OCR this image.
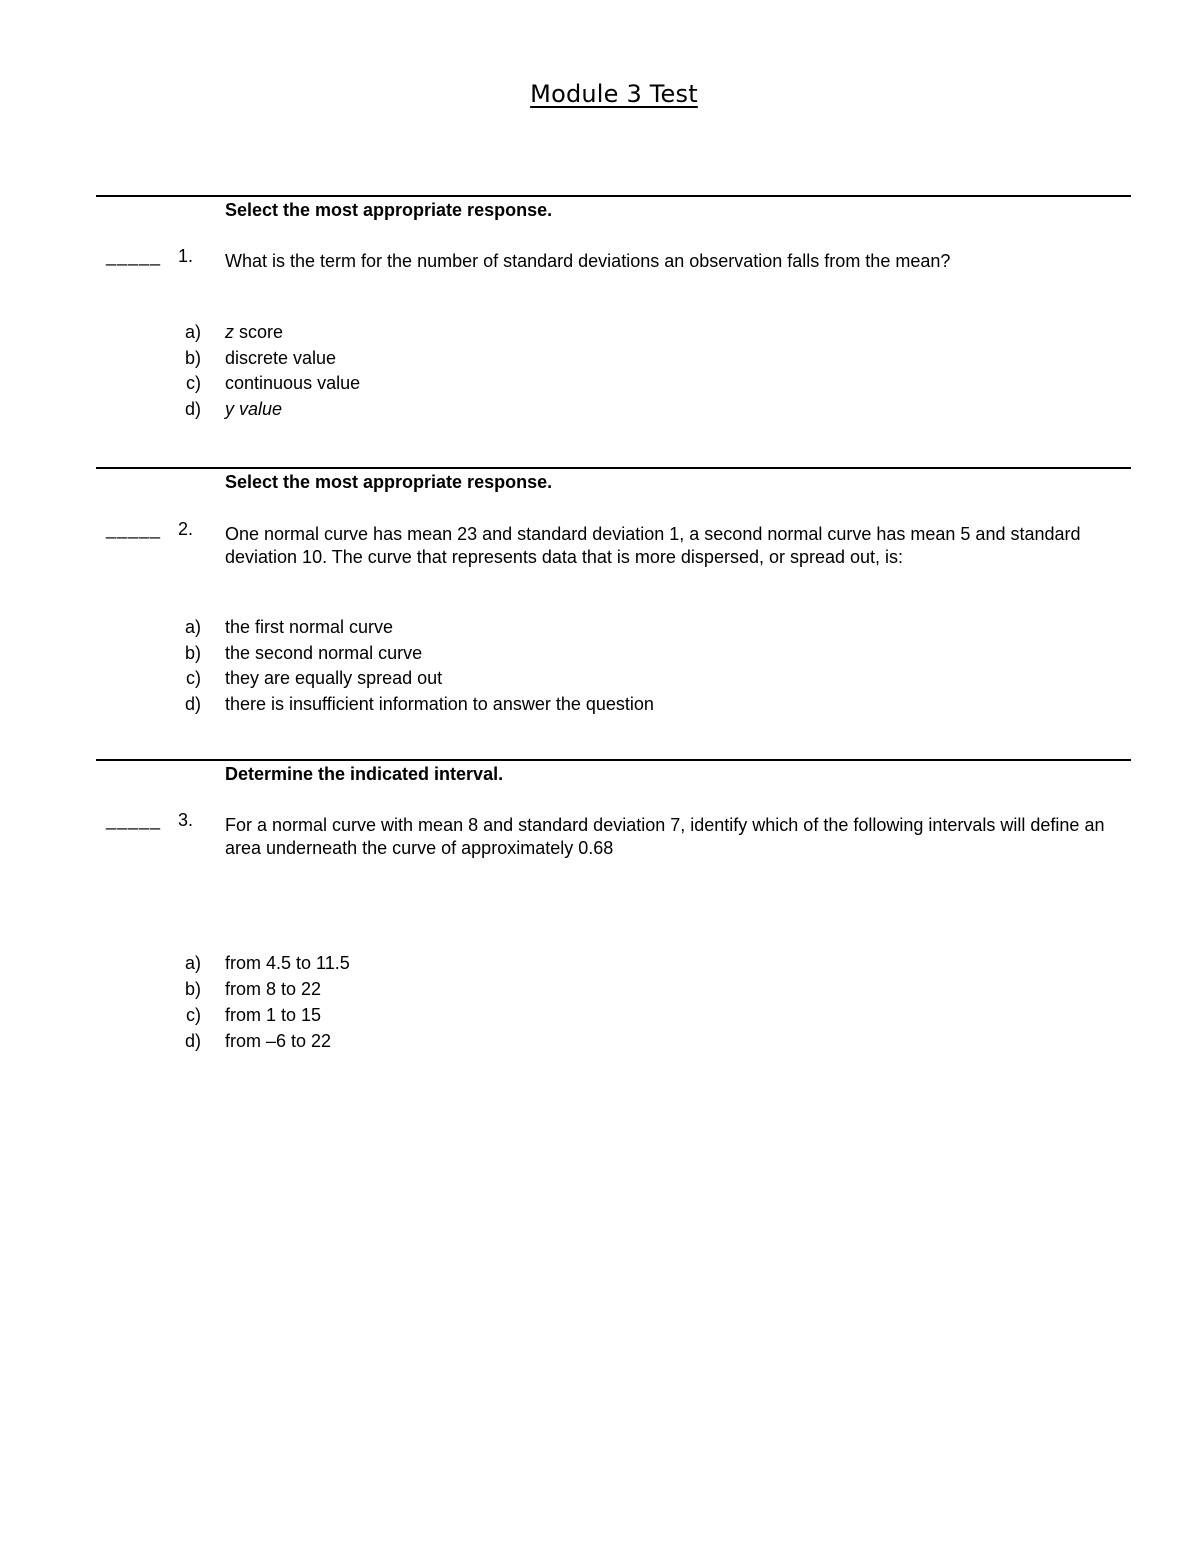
Module 3 Test
Select the most appropriate response.
_____ 1. What is the term for the number of standard deviations an observation falls from the mean?
a) z score
b) discrete value
c) continuous value
d) y value
Select the most appropriate response.
_____ 2. One normal curve has mean 23 and standard deviation 1, a second normal curve has mean 5 and standard deviation 10. The curve that represents data that is more dispersed, or spread out, is:
a) the first normal curve
b) the second normal curve
c) they are equally spread out
d) there is insufficient information to answer the question
Determine the indicated interval.
_____ 3. For a normal curve with mean 8 and standard deviation 7, identify which of the following intervals will define an area underneath the curve of approximately 0.68
a) from 4.5 to 11.5
b) from 8 to 22
c) from 1 to 15
d) from –6 to 22
